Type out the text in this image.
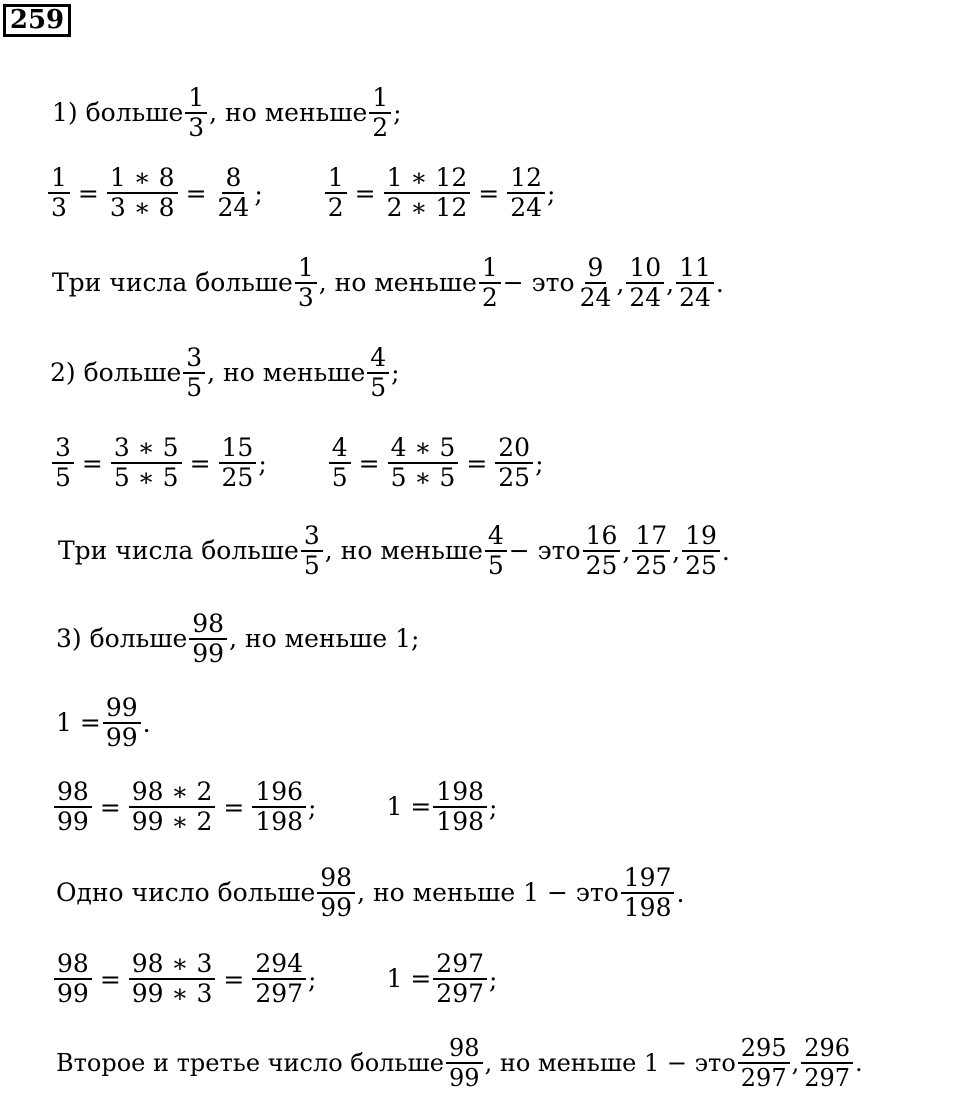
259
1) больше $\frac{1}{3}$ , но меньше $\frac{1}{2}$ ;
$\frac{1}{3} = \frac{1 ∗ 8}{3 ∗ 8} = \frac{8}{24}$ ; $\frac{1}{2} = \frac{1 ∗ 12}{2 ∗ 12} = \frac{12}{24}$ ;
Три числа больше $\frac{1}{3}$ , но меньше $\frac{1}{2}$ − это $\frac{9}{24}$ , $\frac{10}{24}$ , $\frac{11}{24}$ .
2) больше $\frac{3}{5}$ , но меньше $\frac{4}{5}$ ;
$\frac{3}{5} = \frac{3 ∗ 5}{5 ∗ 5} = \frac{15}{25}$ ; $\frac{4}{5} = \frac{4 ∗ 5}{5 ∗ 5} = \frac{20}{25}$ ;
Три числа больше $\frac{3}{5}$ , но меньше $\frac{4}{5}$ − это $\frac{16}{25}$ , $\frac{17}{25}$ , $\frac{19}{25}$ .
3) больше $\frac{98}{99}$ , но меньше 1;
$1 = \frac{99}{99}$ .
$\frac{98}{99} = \frac{98 ∗ 2}{99 ∗ 2} = \frac{196}{198}$ ;	$1 = \frac{198}{198}$ ;
Одно число больше $\frac{98}{99}$ , но меньше 1 − это $\frac{197}{198}$ .
$\frac{98}{99} = \frac{98 ∗ 3}{99 ∗ 3} = \frac{294}{297}$ ;	$1 = \frac{297}{297}$ ;
Второе и третье число больше $\frac{98}{99}$ , но меньше 1 − это $\frac{295}{297}$ , $\frac{296}{297}$ .
